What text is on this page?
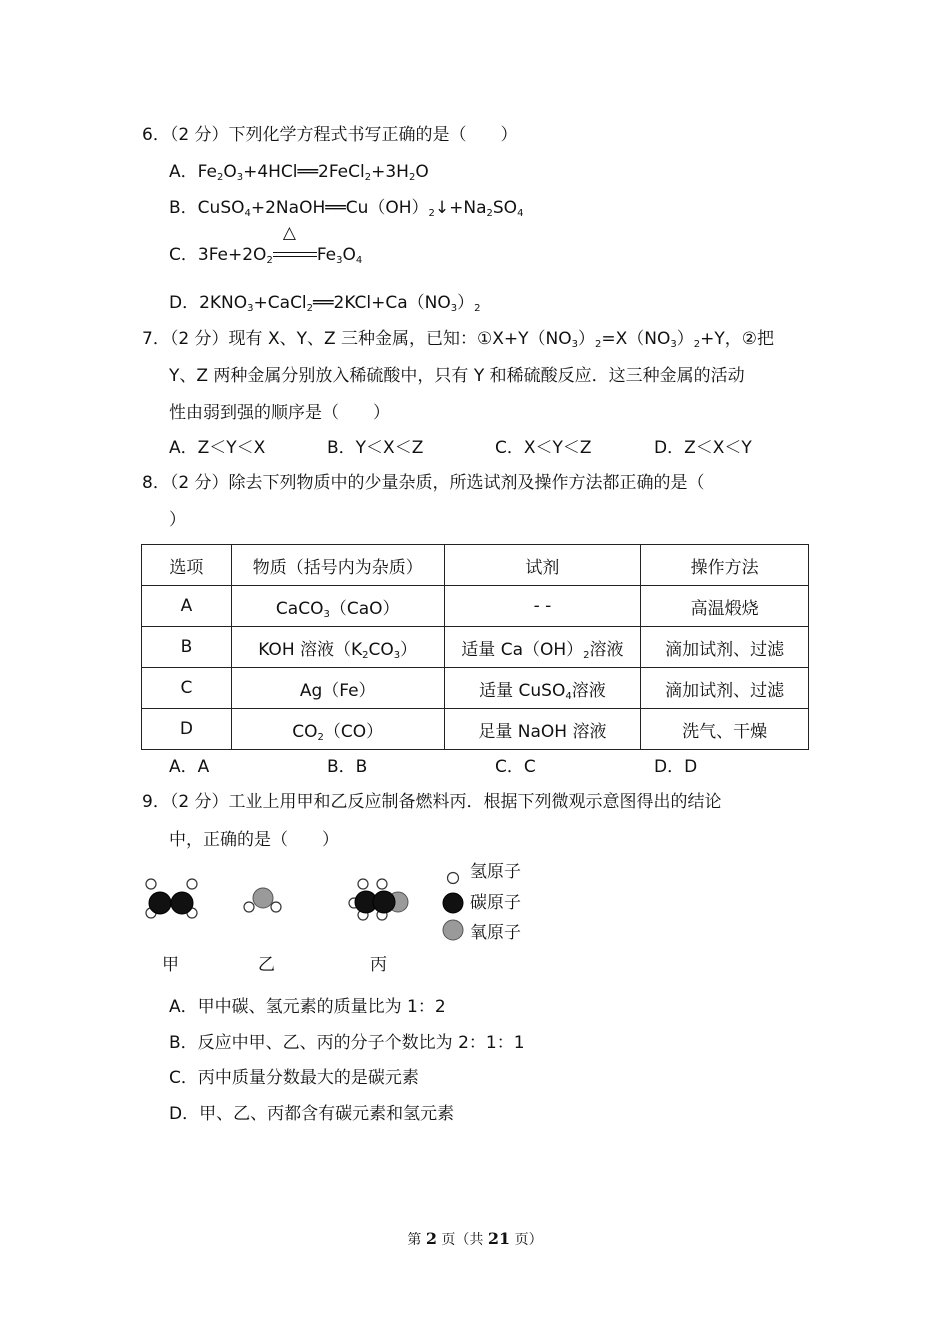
6．（2 分）下列化学方程式书写正确的是（　　）
A．$Fe_2O_3+4HCl══2FeCl_2+3H_2O$
B．$CuSO_4+2NaOH══Cu(OH)_2↓+Na_2SO_4$
C．$3Fe+2O_2$
△
$Fe_3O_4$
D．$2KNO_3+CaCl_2══2KCl+Ca(NO_3)_2$
7．（2 分）现有 X、Y、Z 三种金属，已知：$①X+Y(NO_3)_2=X(NO_3)_2+Y$，②把
Y、Z 两种金属分别放入稀硫酸中，只有 Y 和稀硫酸反应．这三种金属的活动
性由弱到强的顺序是（　　）
A．Z＜Y＜X	B．Y＜X＜Z	C．X＜Y＜Z	D．Z＜X＜Y
8．（2 分）除去下列物质中的少量杂质，所选试剂及操作方法都正确的是（
）
选项	物质（括号内为杂质）	试剂	操作方法
A	CaCO$_3$（CaO）	- -	高温煅烧
B	KOH 溶液$(K_2CO_3)$	适量 $Ca(OH)_2$溶液	滴加试剂、过滤
C	Ag（Fe）	适量 CuSO$_4$溶液	滴加试剂、过滤
D	$CO_2(CO)$	足量 NaOH 溶液	洗气、干燥
A．A	B．B	C．C	D．D
9．（2 分）工业上用甲和乙反应制备燃料丙．根据下列微观示意图得出的结论
中，正确的是（　　）
氢原子
碳原子
氧原子
甲	乙	丙
A．甲中碳、氢元素的质量比为 1：2
B．反应中甲、乙、丙的分子个数比为 2：1：1
C．丙中质量分数最大的是碳元素
D．甲、乙、丙都含有碳元素和氢元素
第 2 页（共 21 页）
